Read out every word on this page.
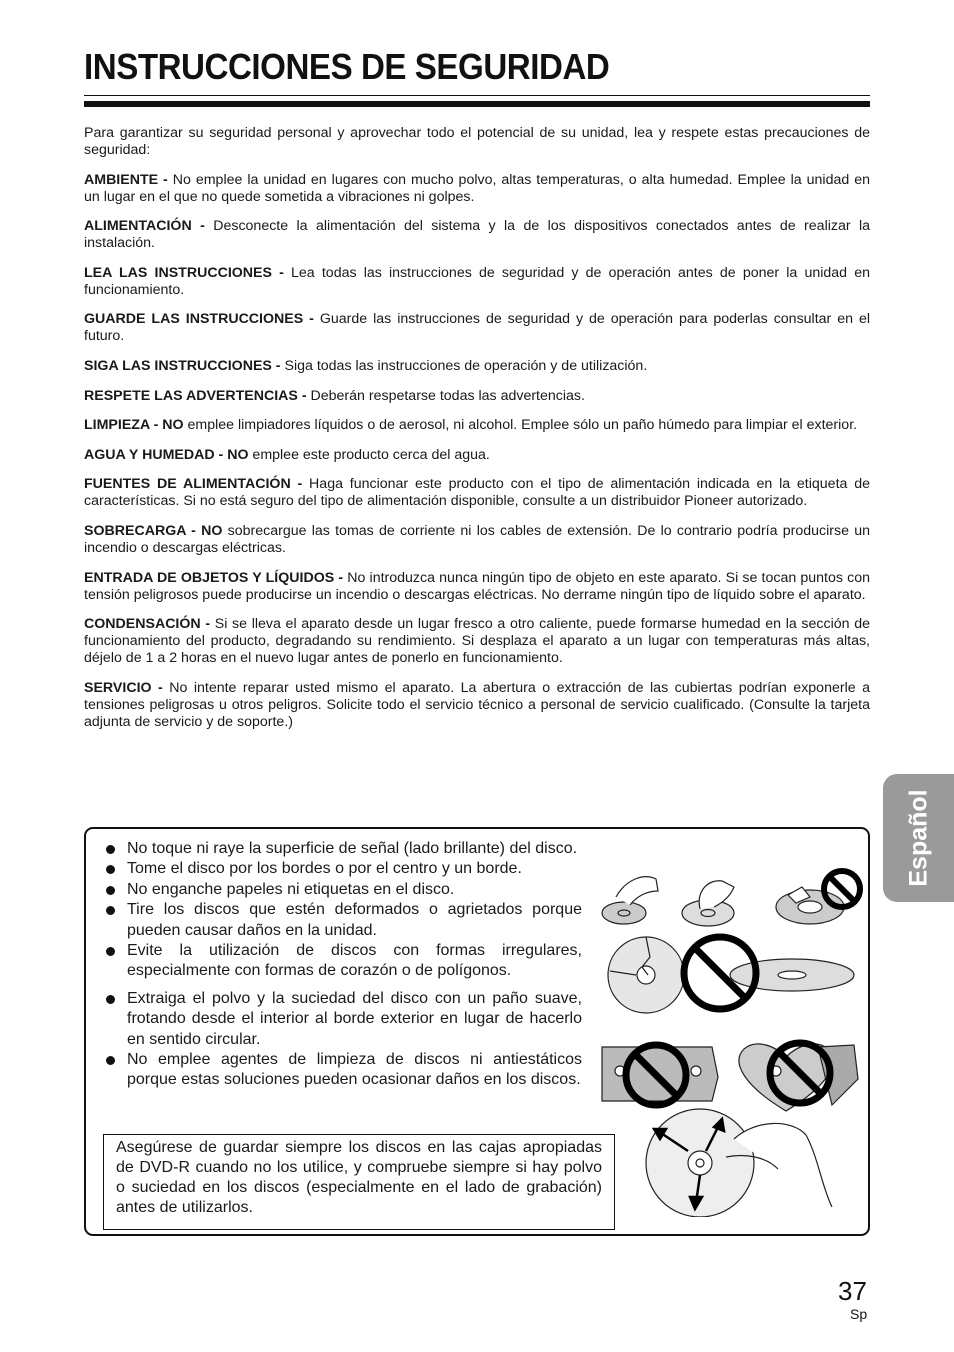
INSTRUCCIONES DE SEGURIDAD

Para garantizar su seguridad personal y aprovechar todo el potencial de su unidad, lea y respete estas precauciones de seguridad:

AMBIENTE - No emplee la unidad en lugares con mucho polvo, altas temperaturas, o alta humedad. Emplee la unidad en un lugar en el que no quede sometida a vibraciones ni golpes.

ALIMENTACIÓN - Desconecte la alimentación del sistema y la de los dispositivos conectados antes de realizar la instalación.

LEA LAS INSTRUCCIONES - Lea todas las instrucciones de seguridad y de operación antes de poner la unidad en funcionamiento.

GUARDE LAS INSTRUCCIONES - Guarde las instrucciones de seguridad y de operación para poderlas consultar en el futuro.

SIGA LAS INSTRUCCIONES - Siga todas las instrucciones de operación y de utilización.

RESPETE LAS ADVERTENCIAS - Deberán respetarse todas las advertencias.

LIMPIEZA - NO emplee limpiadores líquidos o de aerosol, ni alcohol. Emplee sólo un paño húmedo para limpiar el exterior.

AGUA Y HUMEDAD - NO emplee este producto cerca del agua.

FUENTES DE ALIMENTACIÓN - Haga funcionar este producto con el tipo de alimentación indicada en la etiqueta de características. Si no está seguro del tipo de alimentación disponible, consulte a un distribuidor Pioneer autorizado.

SOBRECARGA - NO sobrecargue las tomas de corriente ni los cables de extensión. De lo contrario podría producirse un incendio o descargas eléctricas.

ENTRADA DE OBJETOS Y LÍQUIDOS - No introduzca nunca ningún tipo de objeto en este aparato. Si se tocan puntos con tensión peligrosos puede producirse un incendio o descargas eléctricas. No derrame ningún tipo de líquido sobre el aparato.

CONDENSACIÓN - Si se lleva el aparato desde un lugar fresco a otro caliente, puede formarse humedad en la sección de funcionamiento del producto, degradando su rendimiento. Si desplaza el aparato a un lugar con temperaturas más altas, déjelo de 1 a 2 horas en el nuevo lugar antes de ponerlo en funcionamiento.

SERVICIO - No intente reparar usted mismo el aparato. La abertura o extracción de las cubiertas podrían exponerle a tensiones peligrosas u otros peligros. Solicite todo el servicio técnico a personal de servicio cualificado. (Consulte la tarjeta adjunta de servicio y de soporte.)

Español
No toque ni raye la superficie de señal (lado brillante) del disco.
Tome el disco por los bordes o por el centro y un borde.
No enganche papeles ni etiquetas en el disco.
Tire los discos que estén deformados o agrietados porque pueden causar daños en la unidad.
Evite la utilización de discos con formas irregulares, especialmente con formas de corazón o de polígonos.
Extraiga el polvo y la suciedad del disco con un paño suave, frotando desde el interior al borde exterior en lugar de hacerlo en sentido circular.
No emplee agentes de limpieza de discos ni antiestáticos porque estas soluciones pueden ocasionar daños en los discos.
Asegúrese de guardar siempre los discos en las cajas apropiadas de DVD-R cuando no los utilice, y compruebe siempre si hay polvo o suciedad en los discos (especialmente en el lado de grabación) antes de utilizarlos.
37
Sp
